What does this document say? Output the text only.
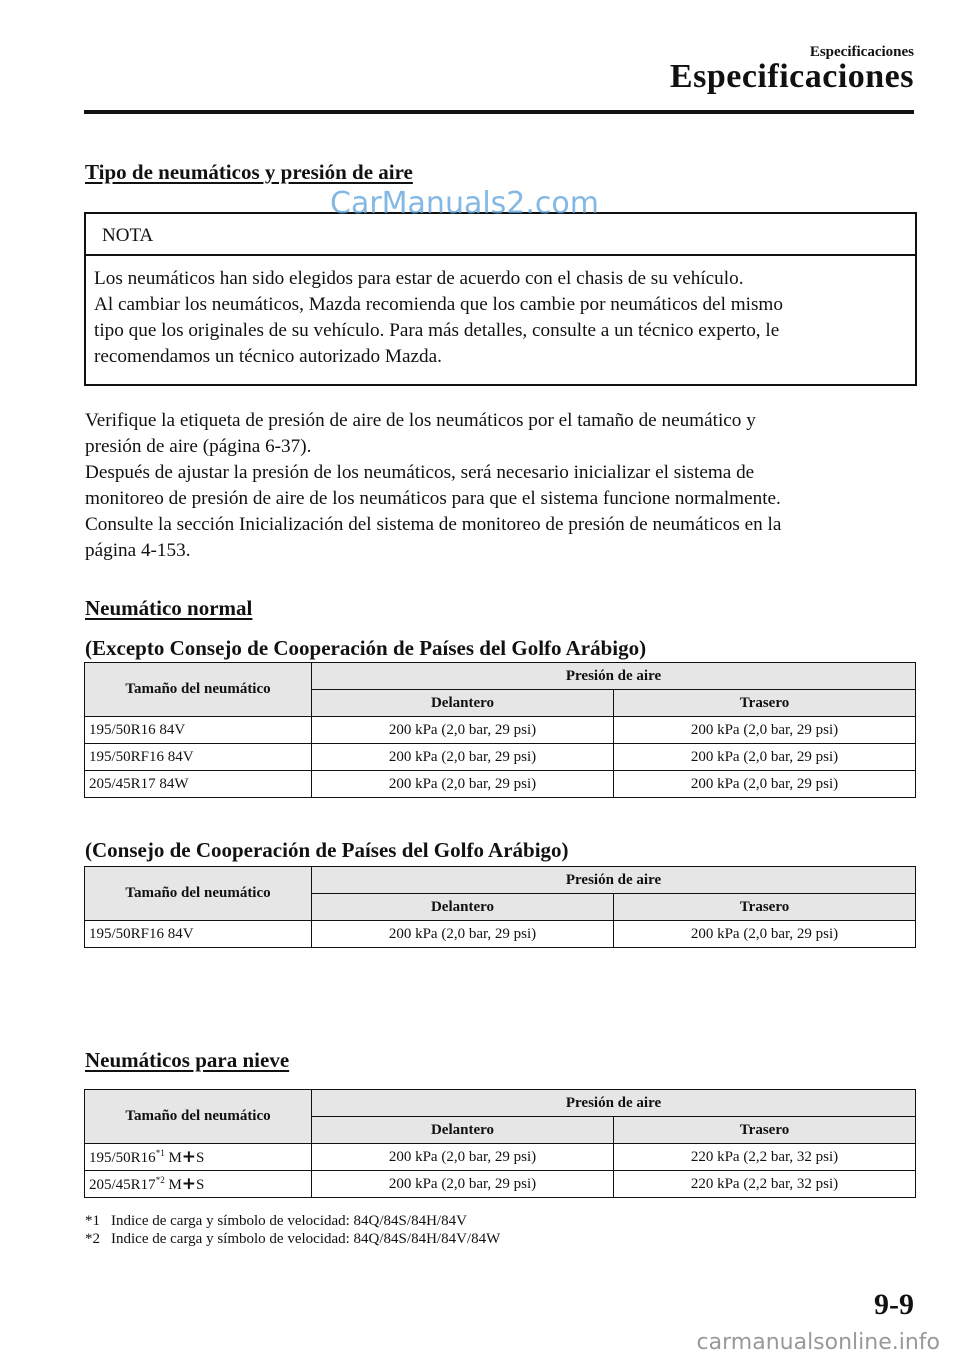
Especificaciones
Especificaciones
Tipo de neumáticos y presión de aire
NOTA
Los neumáticos han sido elegidos para estar de acuerdo con el chasis de su vehículo.
Al cambiar los neumáticos, Mazda recomienda que los cambie por neumáticos del mismo
tipo que los originales de su vehículo. Para más detalles, consulte a un técnico experto, le
recomendamos un técnico autorizado Mazda.
CarManuals2.com
Verifique la etiqueta de presión de aire de los neumáticos por el tamaño de neumático y
presión de aire (página 6-37).
Después de ajustar la presión de los neumáticos, será necesario inicializar el sistema de
monitoreo de presión de aire de los neumáticos para que el sistema funcione normalmente.
Consulte la sección Inicialización del sistema de monitoreo de presión de neumáticos en la
página 4-153.
Neumático normal
(Excepto Consejo de Cooperación de Países del Golfo Arábigo)
Tamaño del neumático	Presión de aire	
	Delantero	Trasero
195/50R16 84V	200 kPa (2,0 bar, 29 psi)	200 kPa (2,0 bar, 29 psi)
195/50RF16 84V	200 kPa (2,0 bar, 29 psi)	200 kPa (2,0 bar, 29 psi)
205/45R17 84W	200 kPa (2,0 bar, 29 psi)	200 kPa (2,0 bar, 29 psi)
(Consejo de Cooperación de Países del Golfo Arábigo)
Tamaño del neumático	Presión de aire	
	Delantero	Trasero
195/50RF16 84V	200 kPa (2,0 bar, 29 psi)	200 kPa (2,0 bar, 29 psi)
Neumáticos para nieve
Tamaño del neumático	Presión de aire	
	Delantero	Trasero
195/50R16$^{*1}$ M+S	200 kPa (2,0 bar, 29 psi)	220 kPa (2,2 bar, 32 psi)
205/45R17$^{*2}$ M+S	200 kPa (2,0 bar, 29 psi)	220 kPa (2,2 bar, 32 psi)
*1 Indice de carga y símbolo de velocidad: 84Q/84S/84H/84V
*2 Indice de carga y símbolo de velocidad: 84Q/84S/84H/84V/84W
9-9
carmanualsonline.info
